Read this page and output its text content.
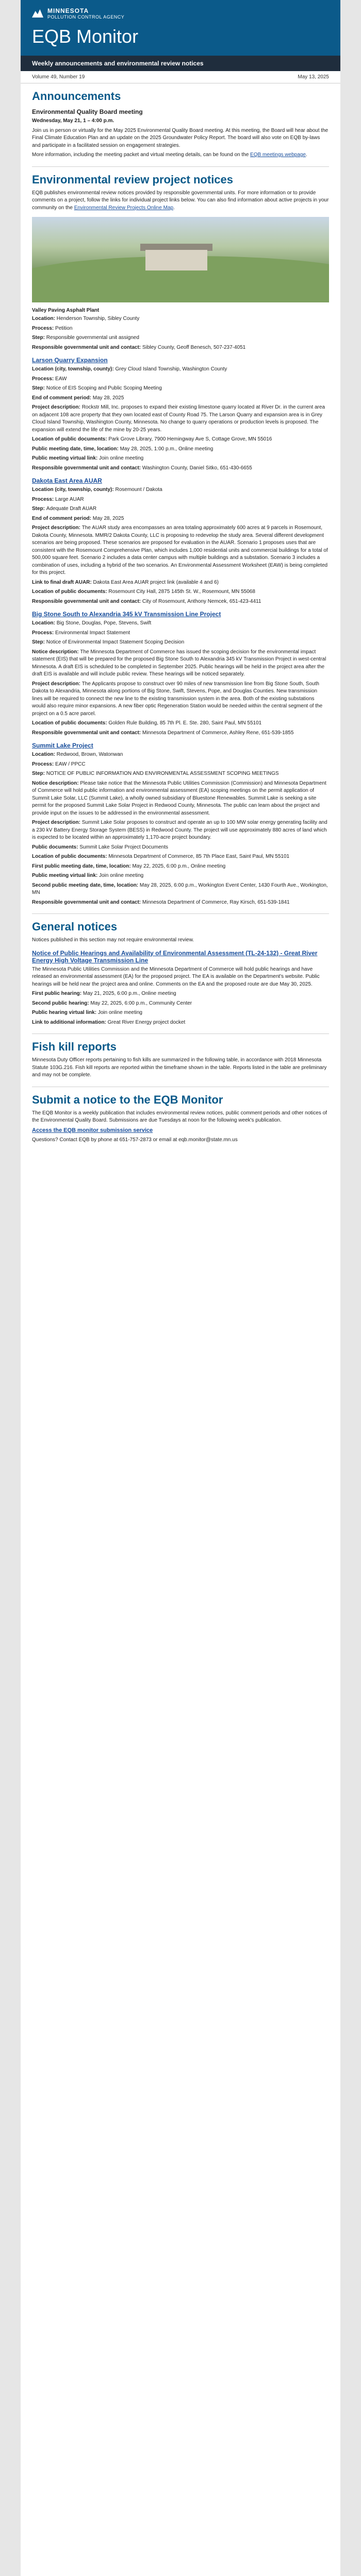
MINNESOTA
POLLUTION CONTROL AGENCY
EQB Monitor
Weekly announcements and environmental review notices
Volume 49, Number 19	May 13, 2025
Announcements
Environmental Quality Board meeting

Wednesday, May 21, 1 – 4:00 p.m.

Join us in person or virtually for the May 2025 Environmental Quality Board meeting. At this meeting, the Board will hear about the Final Climate Education Plan and an update on the 2025 Groundwater Policy Report. The board will also vote on EQB by-laws and participate in a facilitated session on engagement strategies.

More information, including the meeting packet and virtual meeting details, can be found on the EQB meetings webpage.

Environmental review project notices

EQB publishes environmental review notices provided by responsible governmental units. For more information or to provide comments on a project, follow the links for individual project links below. You can also find information about active projects in your community on the Environmental Review Projects Online Map.

Valley Paving Asphalt Plant

Location: Henderson Township, Sibley County

Process: Petition

Step: Responsible governmental unit assigned

Responsible governmental unit and contact: Sibley County, Geoff Benesch, 507-237-4051

Larson Quarry Expansion

Location (city, township, county): Grey Cloud Island Township, Washington County

Process: EAW

Step: Notice of EIS Scoping and Public Scoping Meeting

End of comment period: May 28, 2025

Project description: Rockstr Mill, Inc. proposes to expand their existing limestone quarry located at River Dr. in the current area on adjacent 108 acre property that they own located east of County Road 75. The Larson Quarry and expansion area is in Grey Cloud Island Township, Washington County, Minnesota. No change to quarry operations or production levels is proposed. The expansion will extend the life of the mine by 20-25 years.

Location of public documents: Park Grove Library, 7900 Hemingway Ave S, Cottage Grove, MN 55016

Public meeting date, time, location: May 28, 2025, 1:00 p.m., Online meeting

Public meeting virtual link: Join online meeting

Responsible governmental unit and contact: Washington County, Daniel Sitko, 651-430-6655

Dakota East Area AUAR

Location (city, township, county): Rosemount / Dakota

Process: Large AUAR

Step: Adequate Draft AUAR

End of comment period: May 28, 2025

Project description: The AUAR study area encompasses an area totaling approximately 600 acres at 9 parcels in Rosemount, Dakota County, Minnesota. MMR/2 Dakota County, LLC is proposing to redevelop the study area. Several different development scenarios are being proposed. These scenarios are proposed for evaluation in the AUAR. Scenario 1 proposes uses that are consistent with the Rosemount Comprehensive Plan, which includes 1,000 residential units and commercial buildings for a total of 500,000 square feet. Scenario 2 includes a data center campus with multiple buildings and a substation. Scenario 3 includes a combination of uses, including a hybrid of the two scenarios. An Environmental Assessment Worksheet (EAW) is being completed for this project.

Link to final draft AUAR: Dakota East Area AUAR project link (available 4 and 6)

Location of public documents: Rosemount City Hall, 2875 145th St. W., Rosemount, MN 55068

Responsible governmental unit and contact: City of Rosemount, Anthony Nemcek, 651-423-4411

Big Stone South to Alexandria 345 kV Transmission Line Project

Location: Big Stone, Douglas, Pope, Stevens, Swift

Process: Environmental Impact Statement

Step: Notice of Environmental Impact Statement Scoping Decision

Notice description: The Minnesota Department of Commerce has issued the scoping decision for the environmental impact statement (EIS) that will be prepared for the proposed Big Stone South to Alexandria 345 kV Transmission Project in west-central Minnesota. A draft EIS is scheduled to be completed in September 2025. Public hearings will be held in the project area after the draft EIS is available and will include public review. These hearings will be noticed separately.

Project description: The Applicants propose to construct over 90 miles of new transmission line from Big Stone South, South Dakota to Alexandria, Minnesota along portions of Big Stone, Swift, Stevens, Pope, and Douglas Counties. New transmission lines will be required to connect the new line to the existing transmission system in the area. Both of the existing substations would also require minor expansions. A new fiber optic Regeneration Station would be needed within the central segment of the project on a 0.5 acre parcel.

Location of public documents: Golden Rule Building, 85 7th Pl. E. Ste. 280, Saint Paul, MN 55101

Responsible governmental unit and contact: Minnesota Department of Commerce, Ashley Rene, 651-539-1855

Summit Lake Project

Location: Redwood, Brown, Watonwan

Process: EAW / PPCC

Step: NOTICE OF PUBLIC INFORMATION AND ENVIRONMENTAL ASSESSMENT SCOPING MEETINGS

Notice description: Please take notice that the Minnesota Public Utilities Commission (Commission) and Minnesota Department of Commerce will hold public information and environmental assessment (EA) scoping meetings on the permit application of Summit Lake Solar, LLC (Summit Lake), a wholly owned subsidiary of Bluestone Renewables. Summit Lake is seeking a site permit for the proposed Summit Lake Solar Project in Redwood County, Minnesota. The public can learn about the project and provide input on the issues to be addressed in the environmental assessment.

Project description: Summit Lake Solar proposes to construct and operate an up to 100 MW solar energy generating facility and a 230 kV Battery Energy Storage System (BESS) in Redwood County. The project will use approximately 880 acres of land which is expected to be located within an approximately 1,170-acre project boundary.

Public documents: Summit Lake Solar Project Documents

Location of public documents: Minnesota Department of Commerce, 85 7th Place East, Saint Paul, MN 55101

First public meeting date, time, location: May 22, 2025, 6:00 p.m., Online meeting

Public meeting virtual link: Join online meeting

Second public meeting date, time, location: May 28, 2025, 6:00 p.m., Workington Event Center, 1430 Fourth Ave., Workington, MN

Responsible governmental unit and contact: Minnesota Department of Commerce, Ray Kirsch, 651-539-1841

General notices

Notices published in this section may not require environmental review.

Notice of Public Hearings and Availability of Environmental Assessment (TL-24-132) - Great River Energy High Voltage Transmission Line

The Minnesota Public Utilities Commission and the Minnesota Department of Commerce will hold public hearings and have released an environmental assessment (EA) for the proposed project. The EA is available on the Department's website. Public hearings will be held near the project area and online. Comments on the EA and the proposed route are due May 30, 2025.

First public hearing: May 21, 2025, 6:00 p.m., Online meeting

Second public hearing: May 22, 2025, 6:00 p.m., Community Center

Public hearing virtual link: Join online meeting

Link to additional information: Great River Energy project docket

Fish kill reports

Minnesota Duty Officer reports pertaining to fish kills are summarized in the following table, in accordance with 2018 Minnesota Statute 103G.216. Fish kill reports are reported within the timeframe shown in the table. Reports listed in the table are preliminary and may not be complete.

Submit a notice to the EQB Monitor

The EQB Monitor is a weekly publication that includes environmental review notices, public comment periods and other notices of the Environmental Quality Board. Submissions are due Tuesdays at noon for the following week's publication.

Access the EQB monitor submission service

Questions? Contact EQB by phone at 651-757-2873 or email at eqb.monitor@state.mn.us
